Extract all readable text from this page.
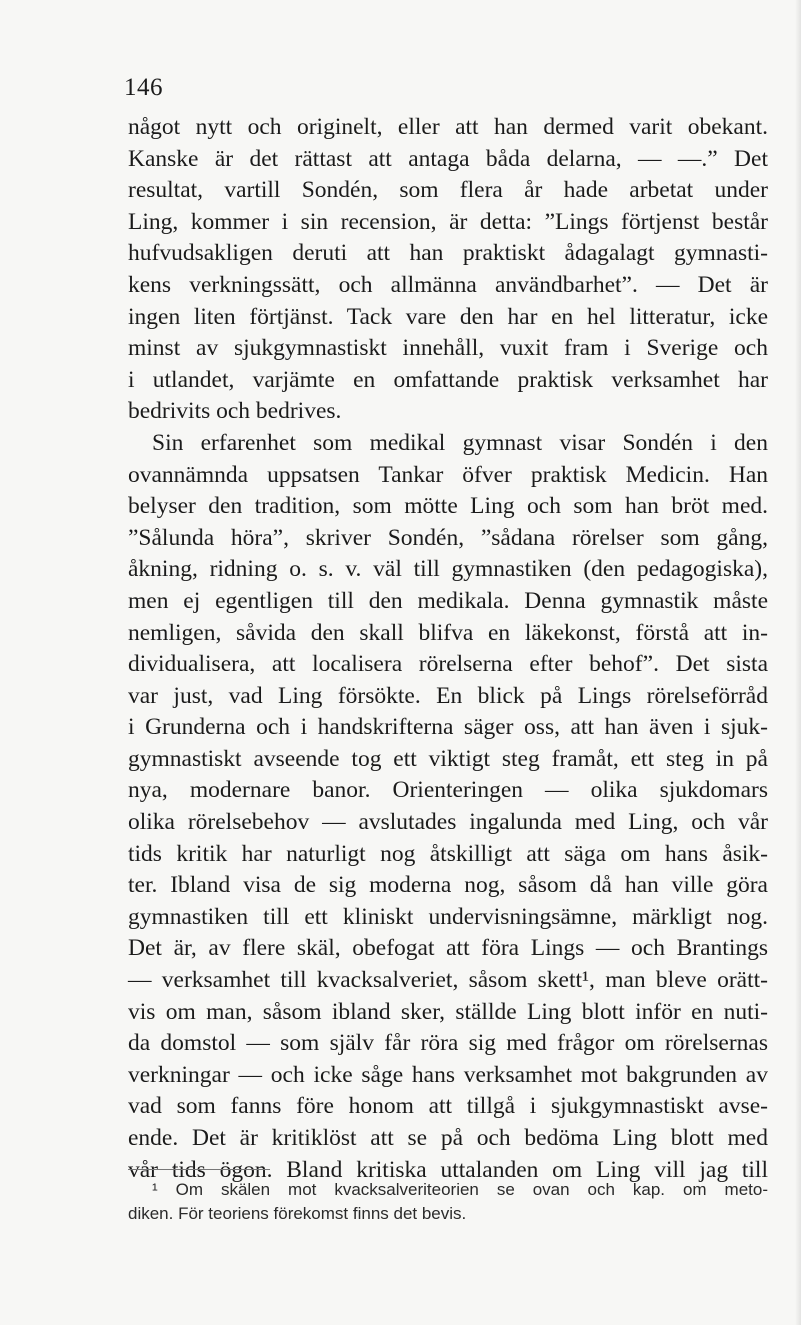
146
något nytt och originelt, eller att han dermed varit obekant.
Kanske är det rättast att antaga båda delarna, — —.” Det
resultat, vartill Sondén, som flera år hade arbetat under
Ling, kommer i sin recension, är detta: ”Lings förtjenst består
hufvudsakligen deruti att han praktiskt ådagalagt gymnasti-
kens verkningssätt, och allmänna användbarhet”. — Det är
ingen liten förtjänst. Tack vare den har en hel litteratur, icke
minst av sjukgymnastiskt innehåll, vuxit fram i Sverige och
i utlandet, varjämte en omfattande praktisk verksamhet har
bedrivits och bedrives.
Sin erfarenhet som medikal gymnast visar Sondén i den
ovannämnda uppsatsen Tankar öfver praktisk Medicin. Han
belyser den tradition, som mötte Ling och som han bröt med.
”Sålunda höra”, skriver Sondén, ”sådana rörelser som gång,
åkning, ridning o. s. v. väl till gymnastiken (den pedagogiska),
men ej egentligen till den medikala. Denna gymnastik måste
nemligen, såvida den skall blifva en läkekonst, förstå att in-
dividualisera, att localisera rörelserna efter behof”. Det sista
var just, vad Ling försökte. En blick på Lings rörelseförråd
i Grunderna och i handskrifterna säger oss, att han även i sjuk-
gymnastiskt avseende tog ett viktigt steg framåt, ett steg in på
nya, modernare banor. Orienteringen — olika sjukdomars
olika rörelsebehov — avslutades ingalunda med Ling, och vår
tids kritik har naturligt nog åtskilligt att säga om hans åsik-
ter. Ibland visa de sig moderna nog, såsom då han ville göra
gymnastiken till ett kliniskt undervisningsämne, märkligt nog.
Det är, av flere skäl, obefogat att föra Lings — och Brantings
— verksamhet till kvacksalveriet, såsom skett¹, man bleve orätt-
vis om man, såsom ibland sker, ställde Ling blott inför en nuti-
da domstol — som själv får röra sig med frågor om rörelsernas
verkningar — och icke såge hans verksamhet mot bakgrunden av
vad som fanns före honom att tillgå i sjukgymnastiskt avse-
ende. Det är kritiklöst att se på och bedöma Ling blott med
vår tids ögon. Bland kritiska uttalanden om Ling vill jag till
¹ Om skälen mot kvacksalveriteorien se ovan och kap. om meto-
diken. För teoriens förekomst finns det bevis.
